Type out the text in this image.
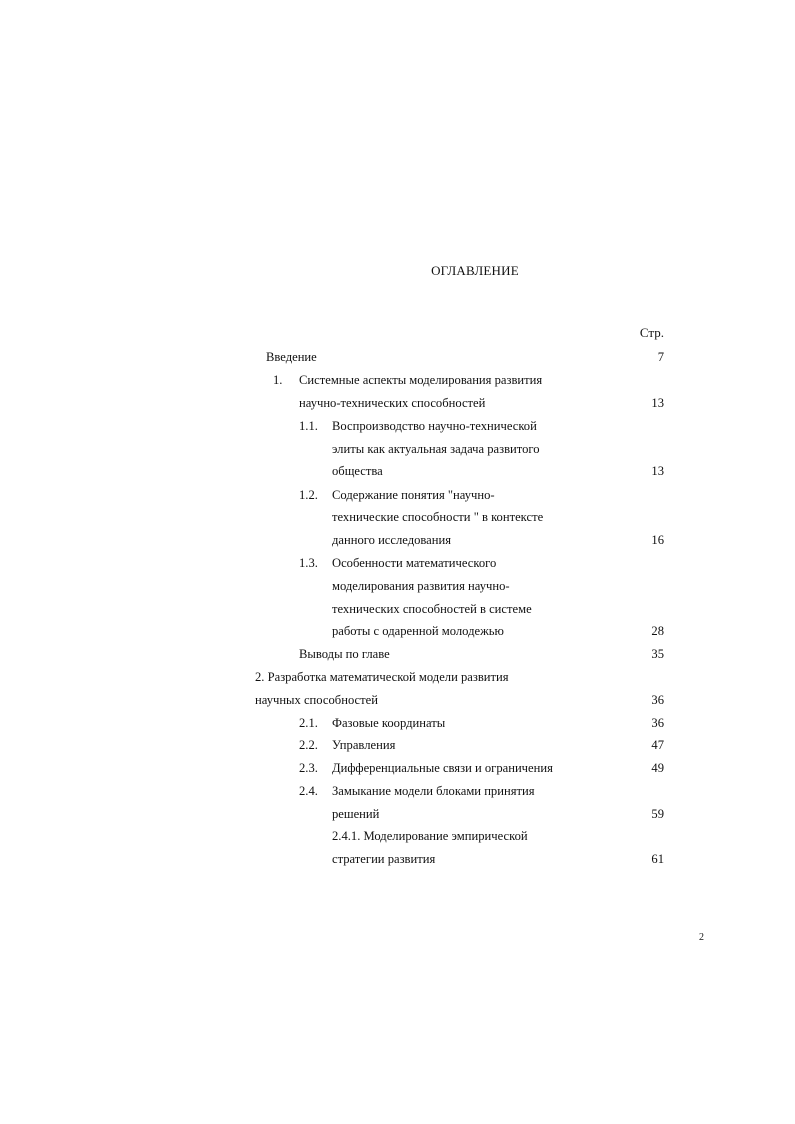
ОГЛАВЛЕНИЕ
Стр.
Введение	7
1. Системные аспекты моделирования развития
научно-технических способностей	13
1.1. Воспроизводство научно-технической
элиты как актуальная задача развитого
общества	13
1.2. Содержание понятия "научно-
технические способности " в контексте
данного исследования	16
1.3. Особенности математического
моделирования развития научно-
технических способностей в системе
работы с одаренной молодежью	28
Выводы по главе	35
2. Разработка математической модели развития
научных способностей	36
2.1. Фазовые координаты	36
2.2. Управления	47
2.3. Дифференциальные связи и ограничения	49
2.4. Замыкание модели блоками принятия
решений	59
2.4.1. Моделирование эмпирической
стратегии развития	61
2
